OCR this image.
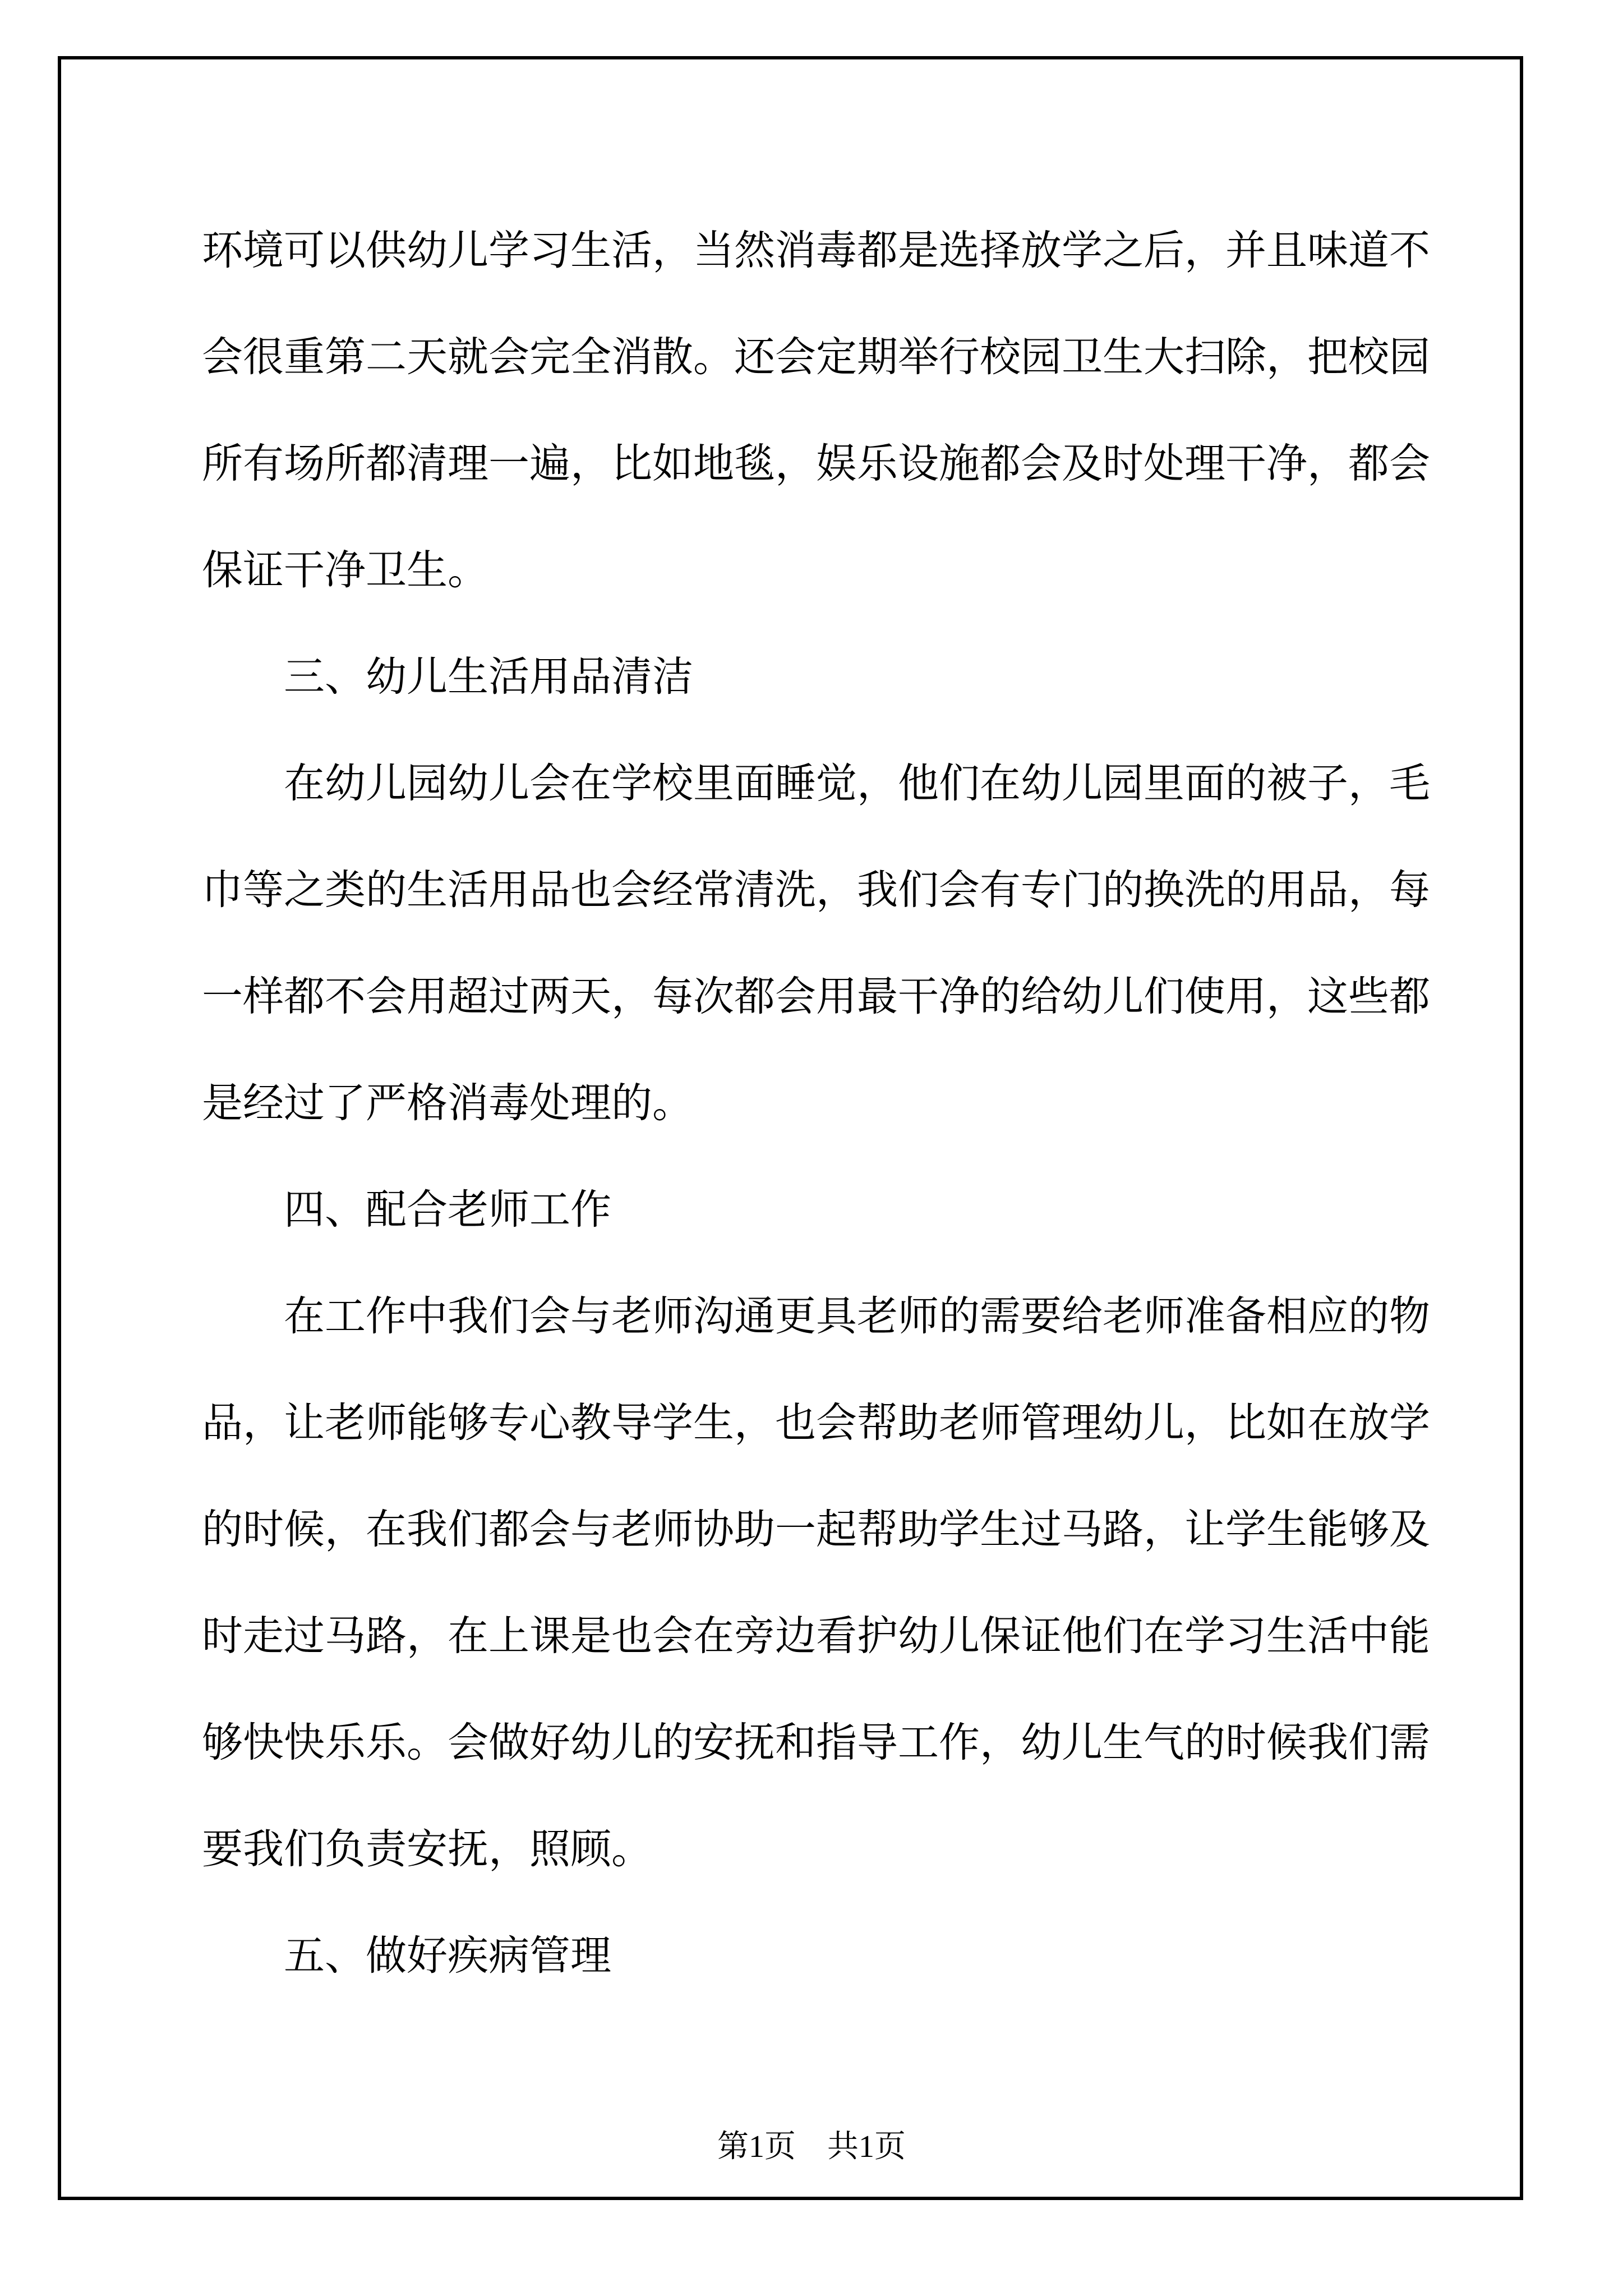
环境可以供幼儿学习生活，当然消毒都是选择放学之后，并且味道不
会很重第二天就会完全消散。还会定期举行校园卫生大扫除，把校园
所有场所都清理一遍，比如地毯，娱乐设施都会及时处理干净，都会
保证干净卫生。
三、幼儿生活用品清洁
在幼儿园幼儿会在学校里面睡觉，他们在幼儿园里面的被子，毛
巾等之类的生活用品也会经常清洗，我们会有专门的换洗的用品，每
一样都不会用超过两天，每次都会用最干净的给幼儿们使用，这些都
是经过了严格消毒处理的。
四、配合老师工作
在工作中我们会与老师沟通更具老师的需要给老师准备相应的物
品，让老师能够专心教导学生，也会帮助老师管理幼儿，比如在放学
的时候，在我们都会与老师协助一起帮助学生过马路，让学生能够及
时走过马路，在上课是也会在旁边看护幼儿保证他们在学习生活中能
够快快乐乐。会做好幼儿的安抚和指导工作，幼儿生气的时候我们需
要我们负责安抚，照顾。
五、做好疾病管理
第1页　共1页
